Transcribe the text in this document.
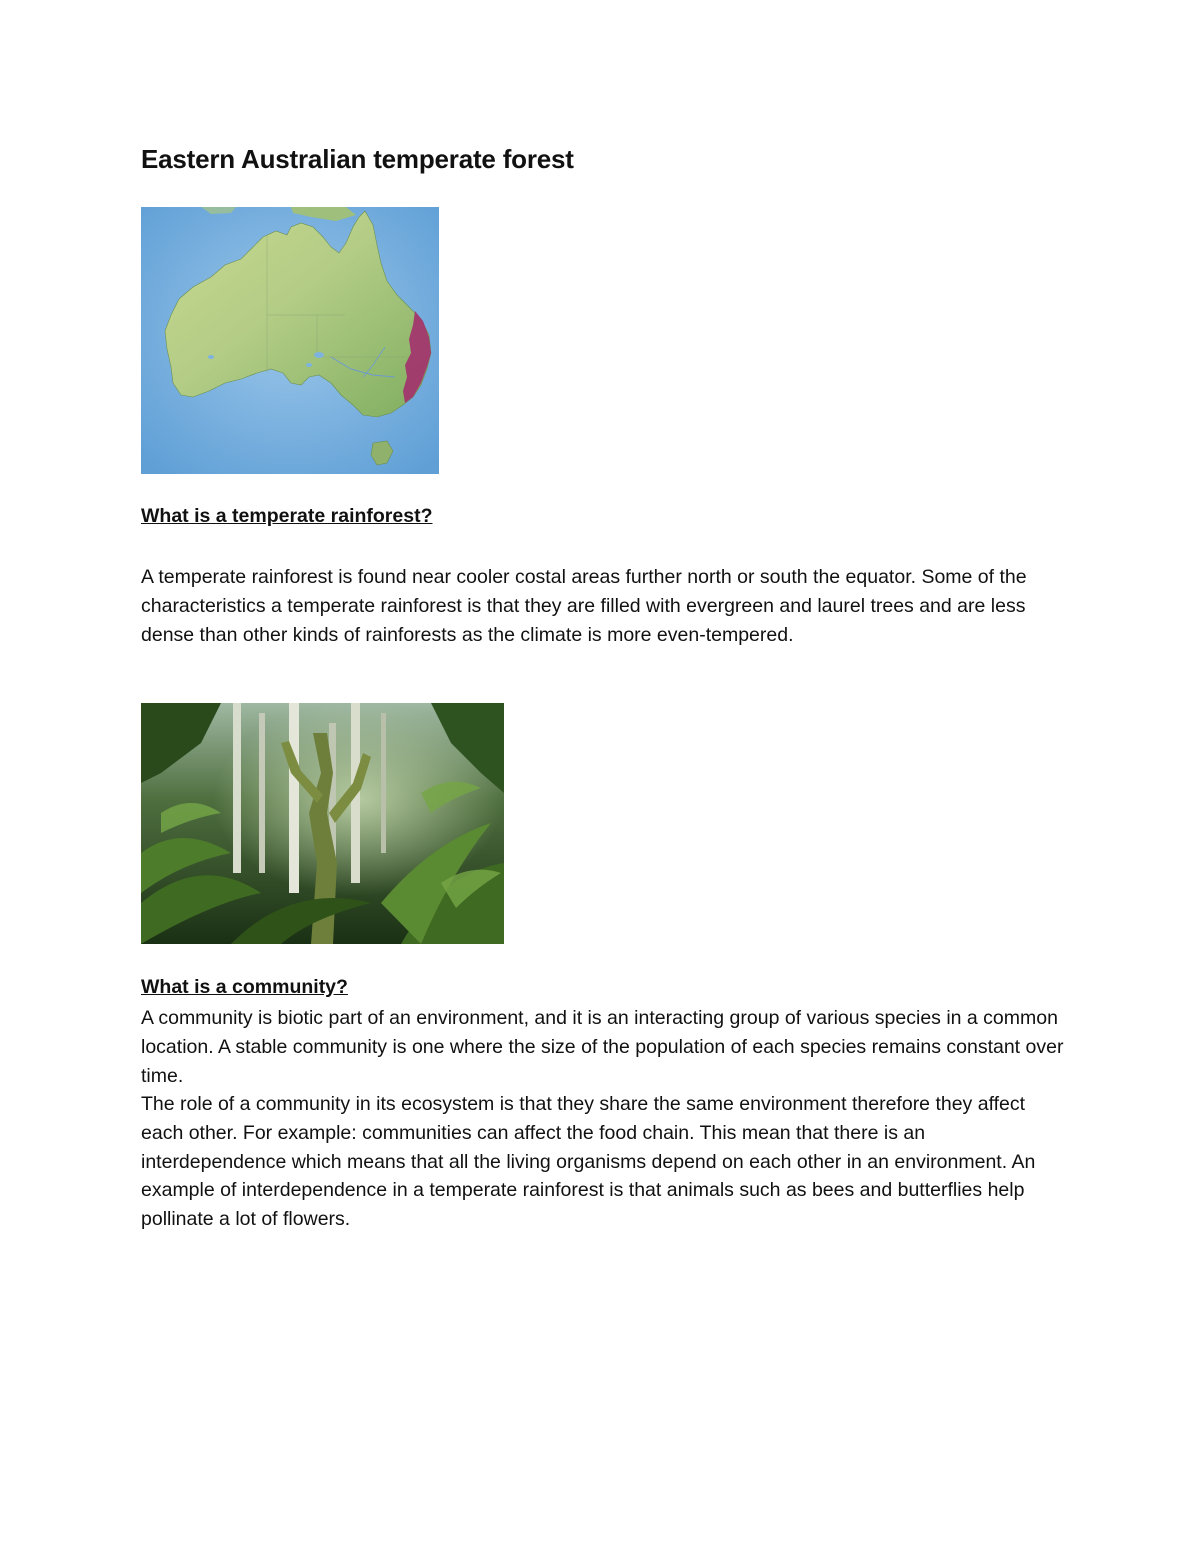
Eastern Australian temperate forest
What is a temperate rainforest?

A temperate rainforest is found near cooler costal areas further north or south the equator. Some of the characteristics a temperate rainforest is that they are filled with evergreen and laurel trees and are less dense than other kinds of rainforests as the climate is more even-tempered.

What is a community?

A community is biotic part of an environment, and it is an interacting group of various species in a common location. A stable community is one where the size of the population of each species remains constant over time.

The role of a community in its ecosystem is that they share the same environment therefore they affect each other. For example: communities can affect the food chain. This mean that there is an interdependence which means that all the living organisms depend on each other in an environment. An example of interdependence in a temperate rainforest is that animals such as bees and butterflies help pollinate a lot of flowers.
